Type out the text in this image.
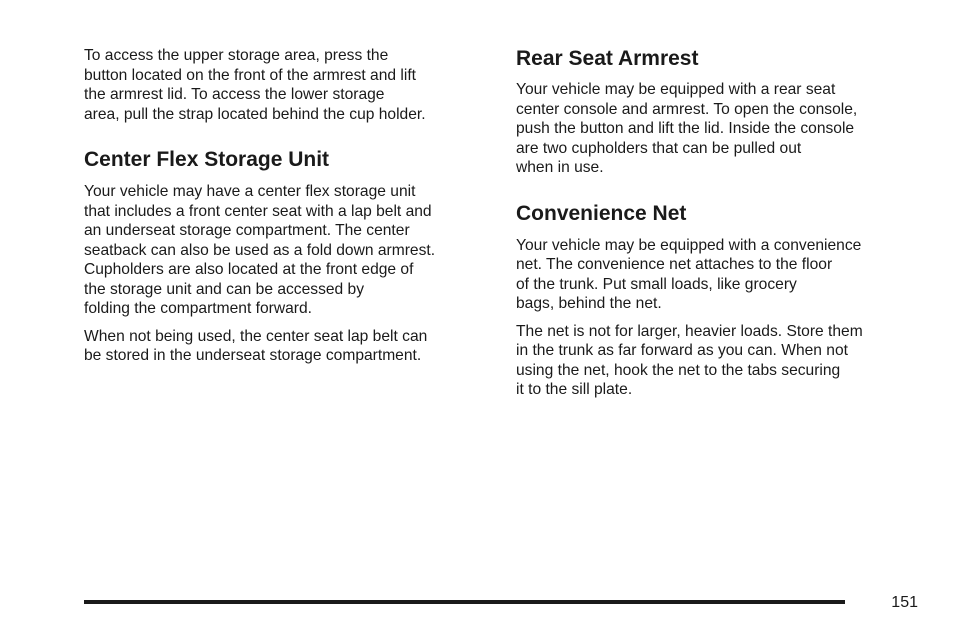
To access the upper storage area, press the
button located on the front of the armrest and lift
the armrest lid. To access the lower storage
area, pull the strap located behind the cup holder.

Center Flex Storage Unit

Your vehicle may have a center flex storage unit
that includes a front center seat with a lap belt and
an underseat storage compartment. The center
seatback can also be used as a fold down armrest.
Cupholders are also located at the front edge of
the storage unit and can be accessed by
folding the compartment forward.

When not being used, the center seat lap belt can
be stored in the underseat storage compartment.

Rear Seat Armrest

Your vehicle may be equipped with a rear seat
center console and armrest. To open the console,
push the button and lift the lid. Inside the console
are two cupholders that can be pulled out
when in use.

Convenience Net

Your vehicle may be equipped with a convenience
net. The convenience net attaches to the floor
of the trunk. Put small loads, like grocery
bags, behind the net.

The net is not for larger, heavier loads. Store them
in the trunk as far forward as you can. When not
using the net, hook the net to the tabs securing
it to the sill plate.

151
